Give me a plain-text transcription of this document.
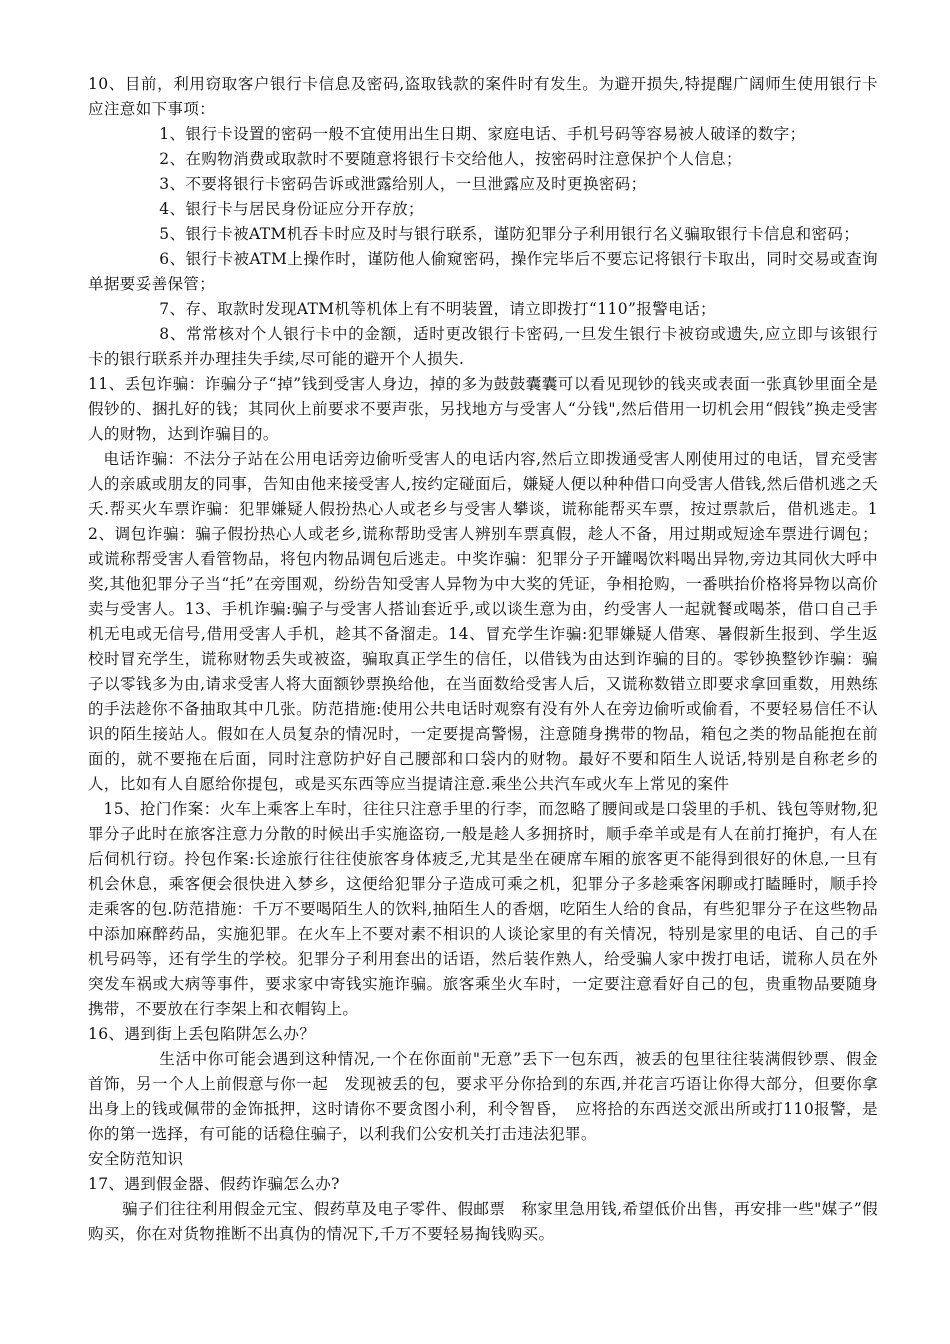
10、目前，利用窃取客户银行卡信息及密码,盗取钱款的案件时有发生。为避开损失,特提醒广阔师生使用银行卡应注意如下事项：

1、银行卡设置的密码一般不宜使用出生日期、家庭电话、手机号码等容易被人破译的数字；

2、在购物消费或取款时不要随意将银行卡交给他人，按密码时注意保护个人信息；

3、不要将银行卡密码告诉或泄露给别人，一旦泄露应及时更换密码；

4、银行卡与居民身份证应分开存放；

5、银行卡被ATM机吞卡时应及时与银行联系，谨防犯罪分子利用银行名义骗取银行卡信息和密码；

6、银行卡被ATM上操作时，谨防他人偷窥密码，操作完毕后不要忘记将银行卡取出，同时交易或查询单据要妥善保管；

7、存、取款时发现ATM机等机体上有不明装置，请立即拨打“110”报警电话；

8、常常核对个人银行卡中的金额，适时更改银行卡密码,一旦发生银行卡被窃或遗失,应立即与该银行卡的银行联系并办理挂失手续,尽可能的避开个人损失.

11、丢包诈骗：诈骗分子“掉”钱到受害人身边，掉的多为鼓鼓囊囊可以看见现钞的钱夹或表面一张真钞里面全是假钞的、捆扎好的钱；其同伙上前要求不要声张，另找地方与受害人“分钱",然后借用一切机会用“假钱”换走受害人的财物，达到诈骗目的。

电话诈骗：不法分子站在公用电话旁边偷听受害人的电话内容,然后立即拨通受害人刚使用过的电话，冒充受害人的亲戚或朋友的同事，告知由他来接受害人,按约定碰面后，嫌疑人便以种种借口向受害人借钱,然后借机逃之夭夭.帮买火车票诈骗：犯罪嫌疑人假扮热心人或老乡与受害人攀谈，谎称能帮买车票，按过票款后，借机逃走。12、调包诈骗：骗子假扮热心人或老乡,谎称帮助受害人辨别车票真假，趁人不备，用过期或短途车票进行调包；或谎称帮受害人看管物品，将包内物品调包后逃走。中奖诈骗：犯罪分子开罐喝饮料喝出异物,旁边其同伙大呼中奖,其他犯罪分子当“托”在旁围观，纷纷告知受害人异物为中大奖的凭证，争相抢购，一番哄抬价格将异物以高价卖与受害人。13、手机诈骗:骗子与受害人搭讪套近乎,或以谈生意为由，约受害人一起就餐或喝茶，借口自己手机无电或无信号,借用受害人手机，趁其不备溜走。14、冒充学生诈骗:犯罪嫌疑人借寒、暑假新生报到、学生返校时冒充学生，谎称财物丢失或被盗，骗取真正学生的信任，以借钱为由达到诈骗的目的。零钞换整钞诈骗：骗子以零钱多为由,请求受害人将大面额钞票换给他，在当面数给受害人后，又谎称数错立即要求拿回重数，用熟练的手法趁你不备抽取其中几张。防范措施:使用公共电话时观察有没有外人在旁边偷听或偷看，不要轻易信任不认识的陌生接站人。假如在人员复杂的情况时，一定要提高警惕，注意随身携带的物品，箱包之类的物品能抱在前面的，就不要拖在后面，同时注意防护好自己腰部和口袋内的财物。最好不要和陌生人说话,特别是自称老乡的人，比如有人自愿给你提包，或是买东西等应当提请注意.乘坐公共汽车或火车上常见的案件

15、抢门作案：火车上乘客上车时，往往只注意手里的行李，而忽略了腰间或是口袋里的手机、钱包等财物,犯罪分子此时在旅客注意力分散的时候出手实施盗窃,一般是趁人多拥挤时，顺手牵羊或是有人在前打掩护，有人在后伺机行窃。拎包作案:长途旅行往往使旅客身体疲乏,尤其是坐在硬席车厢的旅客更不能得到很好的休息,一旦有机会休息，乘客便会很快进入梦乡，这便给犯罪分子造成可乘之机，犯罪分子多趁乘客闲聊或打瞌睡时，顺手拎走乘客的包.防范措施：千万不要喝陌生人的饮料,抽陌生人的香烟，吃陌生人给的食品，有些犯罪分子在这些物品中添加麻醉药品，实施犯罪。在火车上不要对素不相识的人谈论家里的有关情况，特别是家里的电话、自己的手机号码等，还有学生的学校。犯罪分子利用套出的话语，然后装作熟人，给受骗人家中拨打电话，谎称人员在外突发车祸或大病等事件，要求家中寄钱实施诈骗。旅客乘坐火车时，一定要注意看好自己的包，贵重物品要随身携带，不要放在行李架上和衣帽钩上。

16、遇到街上丢包陷阱怎么办？

生活中你可能会遇到这种情况,一个在你面前"无意”丢下一包东西，被丢的包里往往装满假钞票、假金首饰，另一个人上前假意与你一起　发现被丢的包，要求平分你拾到的东西,并花言巧语让你得大部分，但要你拿出身上的钱或佩带的金饰抵押，这时请你不要贪图小利，利令智昏，　应将拾的东西送交派出所或打110报警，是你的第一选择，有可能的话稳住骗子，以利我们公安机关打击违法犯罪。

安全防范知识

17、遇到假金器、假药诈骗怎么办?

骗子们往往利用假金元宝、假药草及电子零件、假邮票　称家里急用钱,希望低价出售，再安排一些"媒子”假购买，你在对货物推断不出真伪的情况下,千万不要轻易掏钱购买。
